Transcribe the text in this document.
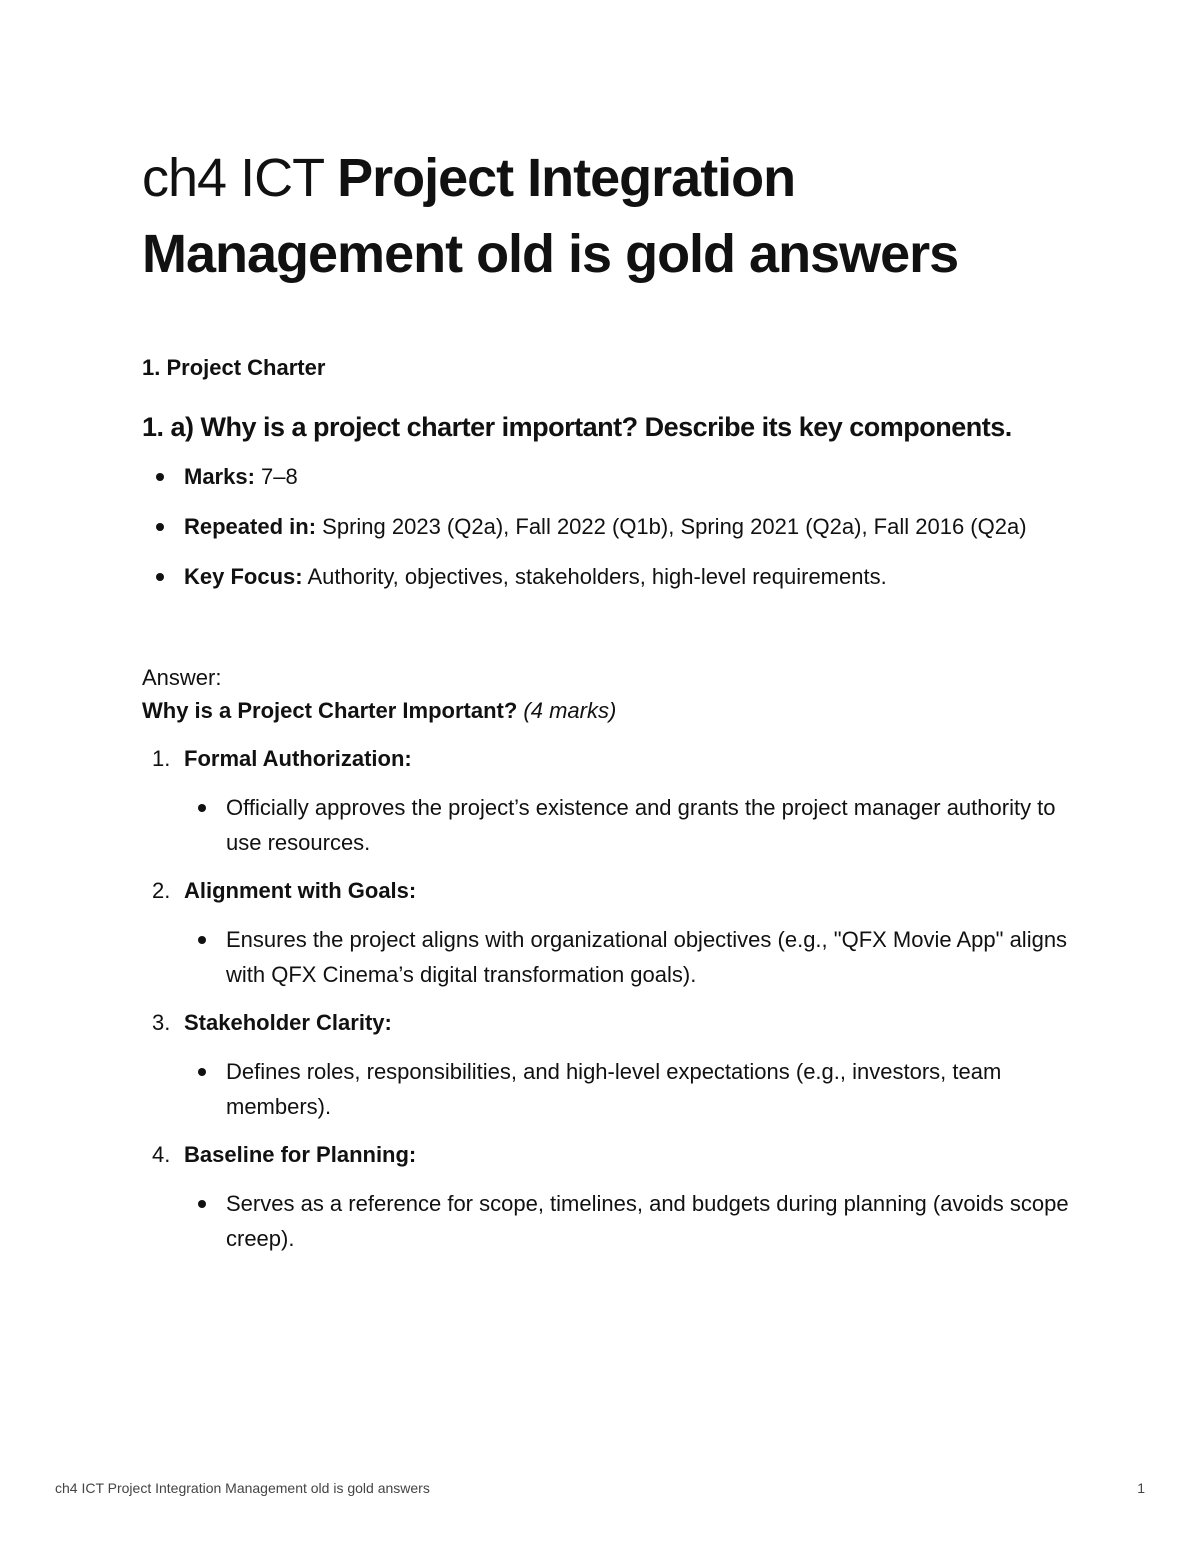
ch4 ICT Project Integration Management old is gold answers
1. Project Charter
1. a) Why is a project charter important? Describe its key components.
Marks: 7–8
Repeated in: Spring 2023 (Q2a), Fall 2022 (Q1b), Spring 2021 (Q2a), Fall 2016 (Q2a)
Key Focus: Authority, objectives, stakeholders, high-level requirements.
Answer:
Why is a Project Charter Important? (4 marks)
1. Formal Authorization:
Officially approves the project’s existence and grants the project manager authority to use resources.
2. Alignment with Goals:
Ensures the project aligns with organizational objectives (e.g., "QFX Movie App" aligns with QFX Cinema’s digital transformation goals).
3. Stakeholder Clarity:
Defines roles, responsibilities, and high-level expectations (e.g., investors, team members).
4. Baseline for Planning:
Serves as a reference for scope, timelines, and budgets during planning (avoids scope creep).
ch4 ICT Project Integration Management old is gold answers	1
